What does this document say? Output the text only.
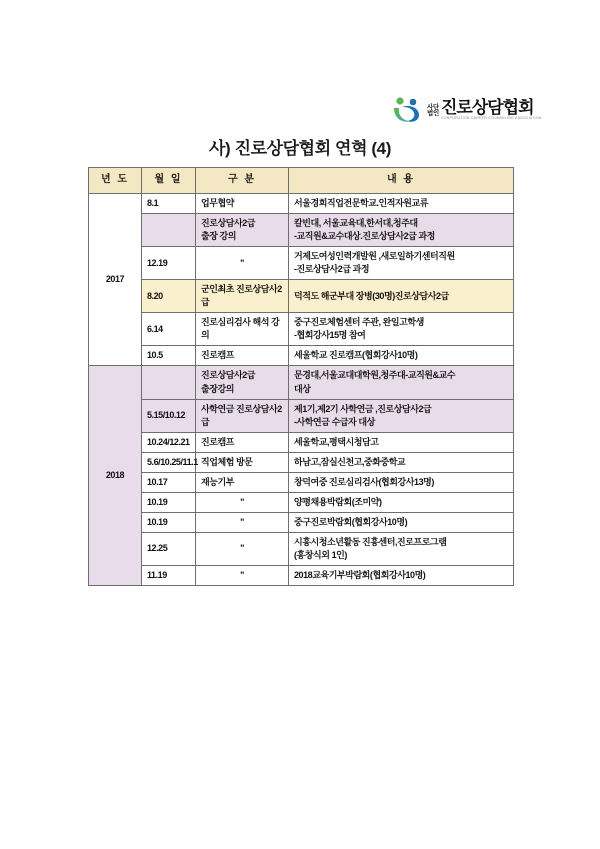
사단
법인 진로상담협회
CORPORATION CAREER COUNSELING ASSOCIATION
사) 진로상담협회 연혁 (4)
년 도	월 일	구 분	내 용
2017	8.1	업무협약	서울경희직업전문학교.인적자원교류
		진로상담사2급
출장 강의	칼빈대, 서울교육대,한서대,청주대
-교직원&교수대상.진로상담사2급 과정
	12.19	"	거제도여성인력개발원 ,새로일하기센터직원
-진로상담사2급 과정
	8.20	군인최초 진로상담사2급	덕적도 해군부대 장병(30명)진로상담사2급
	6.14	진로심리검사 해석 강의	중구진로체험센터 주관, 완일고학생
-협회강사15명 참여
	10.5	진로캠프	세울학교 진로캠프(협회강사10명)
2018		진로상담사2급
출장강의	문경대,서울교대대학원,청주대-교직원&교수
대상
	5.15/10.12	사학연금 진로상담사2급	제1기,제2기 사학연금 ,진로상담사2급
-사학연금 수급자 대상
	10.24/12.21	진로캠프	세울학교,평택시청담고
	5.6/10.25/11.1	직업체험 방문	하남고,잠실신천고,중화중학교
	10.17	재능기부	창덕여중 진로심리검사(협회강사13명)
	10.19	"	양평채용박람회(조미약)
	10.19	"	중구진로박람회(협회강사10명)
	12.25	"	시흥시청소년활동 진흥센터,진로프로그램
(홍창식외 1인)
	11.19	"	2018교육기부박람회(협회강사10명)
